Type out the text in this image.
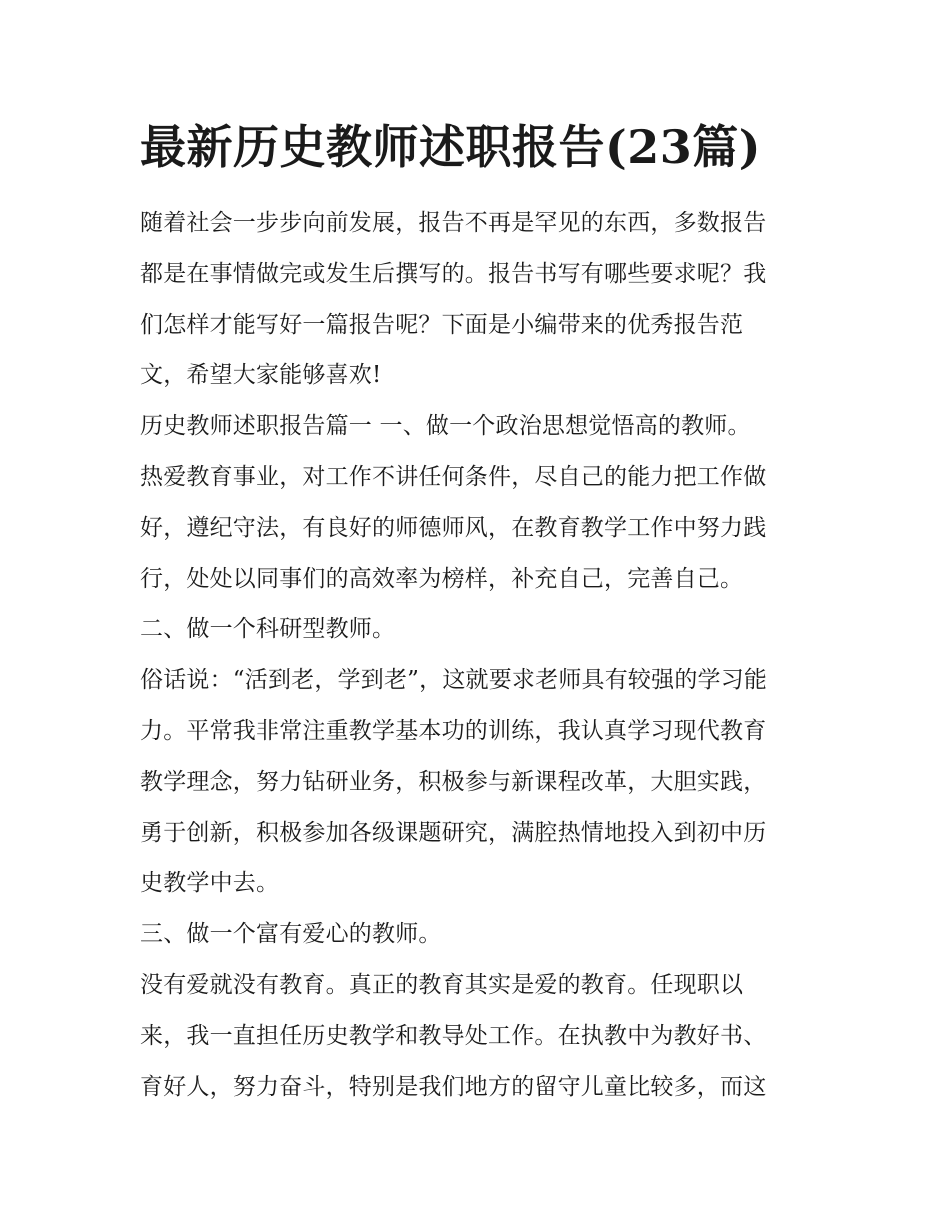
最新历史教师述职报告(23篇)
随着社会一步步向前发展，报告不再是罕见的东西，多数报告
都是在事情做完或发生后撰写的。报告书写有哪些要求呢？我
们怎样才能写好一篇报告呢？下面是小编带来的优秀报告范
文，希望大家能够喜欢!
历史教师述职报告篇一 一、做一个政治思想觉悟高的教师。
热爱教育事业，对工作不讲任何条件，尽自己的能力把工作做
好，遵纪守法，有良好的师德师风，在教育教学工作中努力践
行，处处以同事们的高效率为榜样，补充自己，完善自己。
二、做一个科研型教师。
俗话说：“活到老，学到老”，这就要求老师具有较强的学习能
力。平常我非常注重教学基本功的训练，我认真学习现代教育
教学理念，努力钻研业务，积极参与新课程改革，大胆实践，
勇于创新，积极参加各级课题研究，满腔热情地投入到初中历
史教学中去。
三、做一个富有爱心的教师。
没有爱就没有教育。真正的教育其实是爱的教育。任现职以
来，我一直担任历史教学和教导处工作。在执教中为教好书、
育好人，努力奋斗，特别是我们地方的留守儿童比较多，而这
